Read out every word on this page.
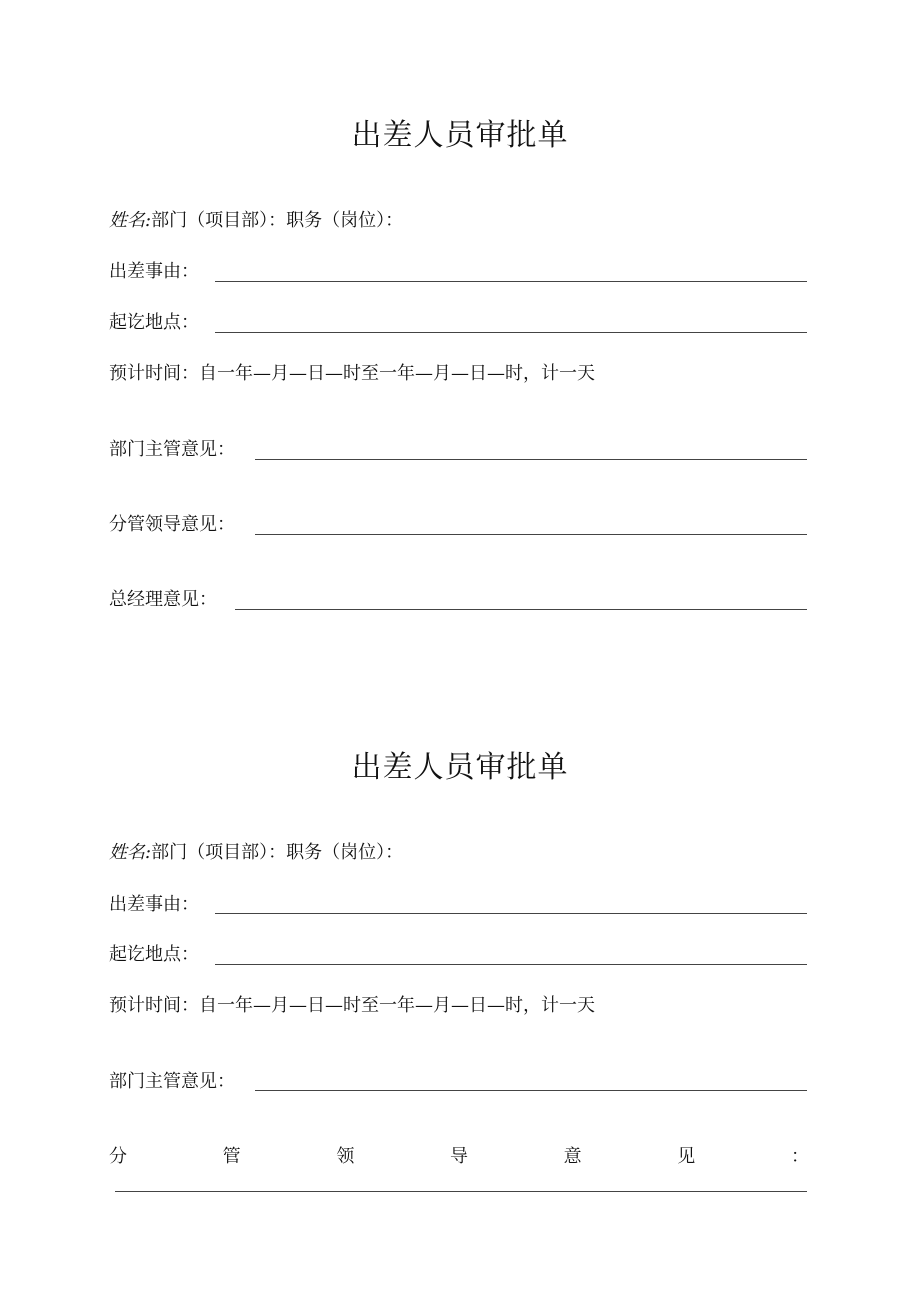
出差人员审批单
姓名:部门（项目部）：职务（岗位）：
出差事由：
起讫地点：
预计时间：自一年—月—日—时至一年—月—日—时，计一天
部门主管意见：
分管领导意见：
总经理意见：
出差人员审批单
姓名:部门（项目部）：职务（岗位）：
出差事由：
起讫地点：
预计时间：自一年—月—日—时至一年—月—日—时，计一天
部门主管意见：
分	管	领	导	意	见	：
